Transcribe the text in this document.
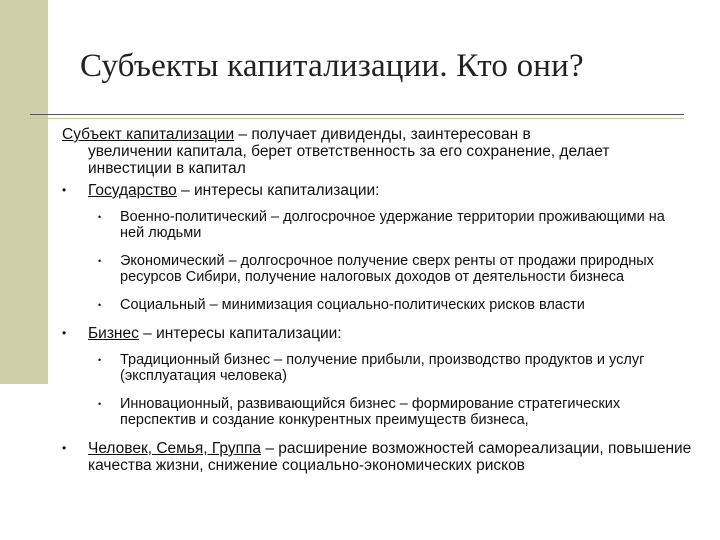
Субъекты капитализации. Кто они?

Субъект капитализации – получает дивиденды, заинтересован в
увеличении капитала, берет ответственность за его сохранение, делает инвестиции в капитал

• Государство – интересы капитализации:
• Военно-политический – долгосрочное удержание территории проживающими на ней людьми
• Экономический – долгосрочное получение сверх ренты от продажи природных ресурсов Сибири, получение налоговых доходов от деятельности бизнеса
• Социальный – минимизация социально-политических рисков власти
• Бизнес – интересы капитализации:
• Традиционный бизнес – получение прибыли, производство продуктов и услуг (эксплуатация человека)
• Инновационный, развивающийся бизнес – формирование стратегических перспектив и создание конкурентных преимуществ бизнеса,
• Человек, Семья, Группа – расширение возможностей самореализации, повышение качества жизни, снижение социально-экономических рисков
